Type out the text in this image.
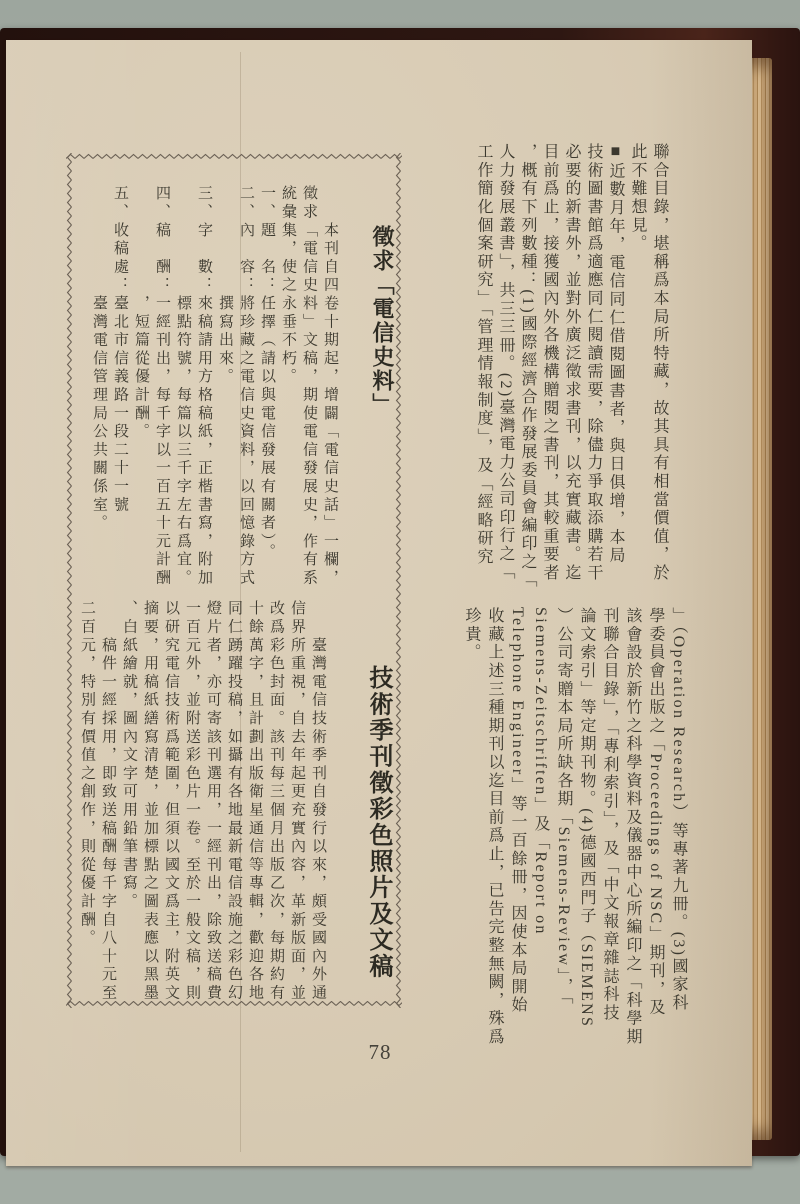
聯合目錄，堪稱爲本局所特藏，故其具有相當價值，於
此不難想見。
■近數月年，電信同仁借閱圖書者，與日俱增，本局
技術圖書館爲適應同仁閱讀需要，除儘力爭取添購若干
必要的新書外，並對外廣泛徵求書刊，以充實藏書。迄
目前爲止，接獲國內外各機構贈閱之書刊，其較重要者
，概有下列數種：(1)國際經濟合作發展委員會編印之「
人力發展叢書」，共三三冊。(2)臺灣電力公司印行之「
工作簡化個案研究」「管理情報制度」，及「經略研究
」（Operation Research）等專著九冊。(3)國家科
學委員會出版之「Proceedings of NSC」期刊，及
該會設於新竹之科學資料及儀器中心所編印之「科學期
刊聯合目錄」，「專利索引」，及「中文報章雜誌科技
論文索引」等定期刊物。(4)德國西門子（SIEMENS
）公司寄贈本局所缺各期「Siemens-Review」，「
Siemens-Zeitschriften」及「Report on
Telephone Engineer」等一百餘冊，因使本局開始
收藏上述三種期刊以迄目前爲止，已告完整無闕，殊爲
珍貴。
徵求「電信史料」
　　本刊自四卷十期起，增闢「電信史話」一欄，
徵求「電信史料」文稿，期使電信發展史，作有系
統彙集，使之永垂不朽。
一、題　名：任擇（請以與電信發展有關者）。
二、內　容：將珍藏之電信史資料，以回憶錄方式
　　　　　　撰寫出來。
三、字　數：來稿請用方格稿紙，正楷書寫，附加
　　　　　　標點符號，每篇以三千字左右爲宜。
四、稿　酬：一經刊出，每千字以一百五十元計酬
　　　　　　，短篇從優計酬。
五、收稿處：臺北市信義路一段二十一號
　　　　　　臺灣電信管理局公共關係室。
技術季刊徵彩色照片及文稿
　　臺灣電信技術季刊自發行以來，頗受國內外通
信界所重視，自去年起更充實內容，革新版面，並
改爲彩色封面。該刊每三個月出版乙次，每期約有
十餘萬字，且計劃出版衛星通信等專輯，歡迎各地
同仁踴躍投稿，如攝有各地最新電信設施之彩色幻
燈片者，亦可寄該刊選用，一經刊出，除致送稿費
一百元外，並附送彩色片一卷。至於一般文稿，則
以研究電信技術爲範圍，但須以國文爲主，附英文
摘要，用稿紙繕寫清楚，並加標點之圖表應以黑墨
、白紙繪就，圖內文字可用鉛筆書寫。
　　稿件一經採用，即致送稿酬每千字自八十元至
二百元，特別有價值之創作，則從優計酬。
78
